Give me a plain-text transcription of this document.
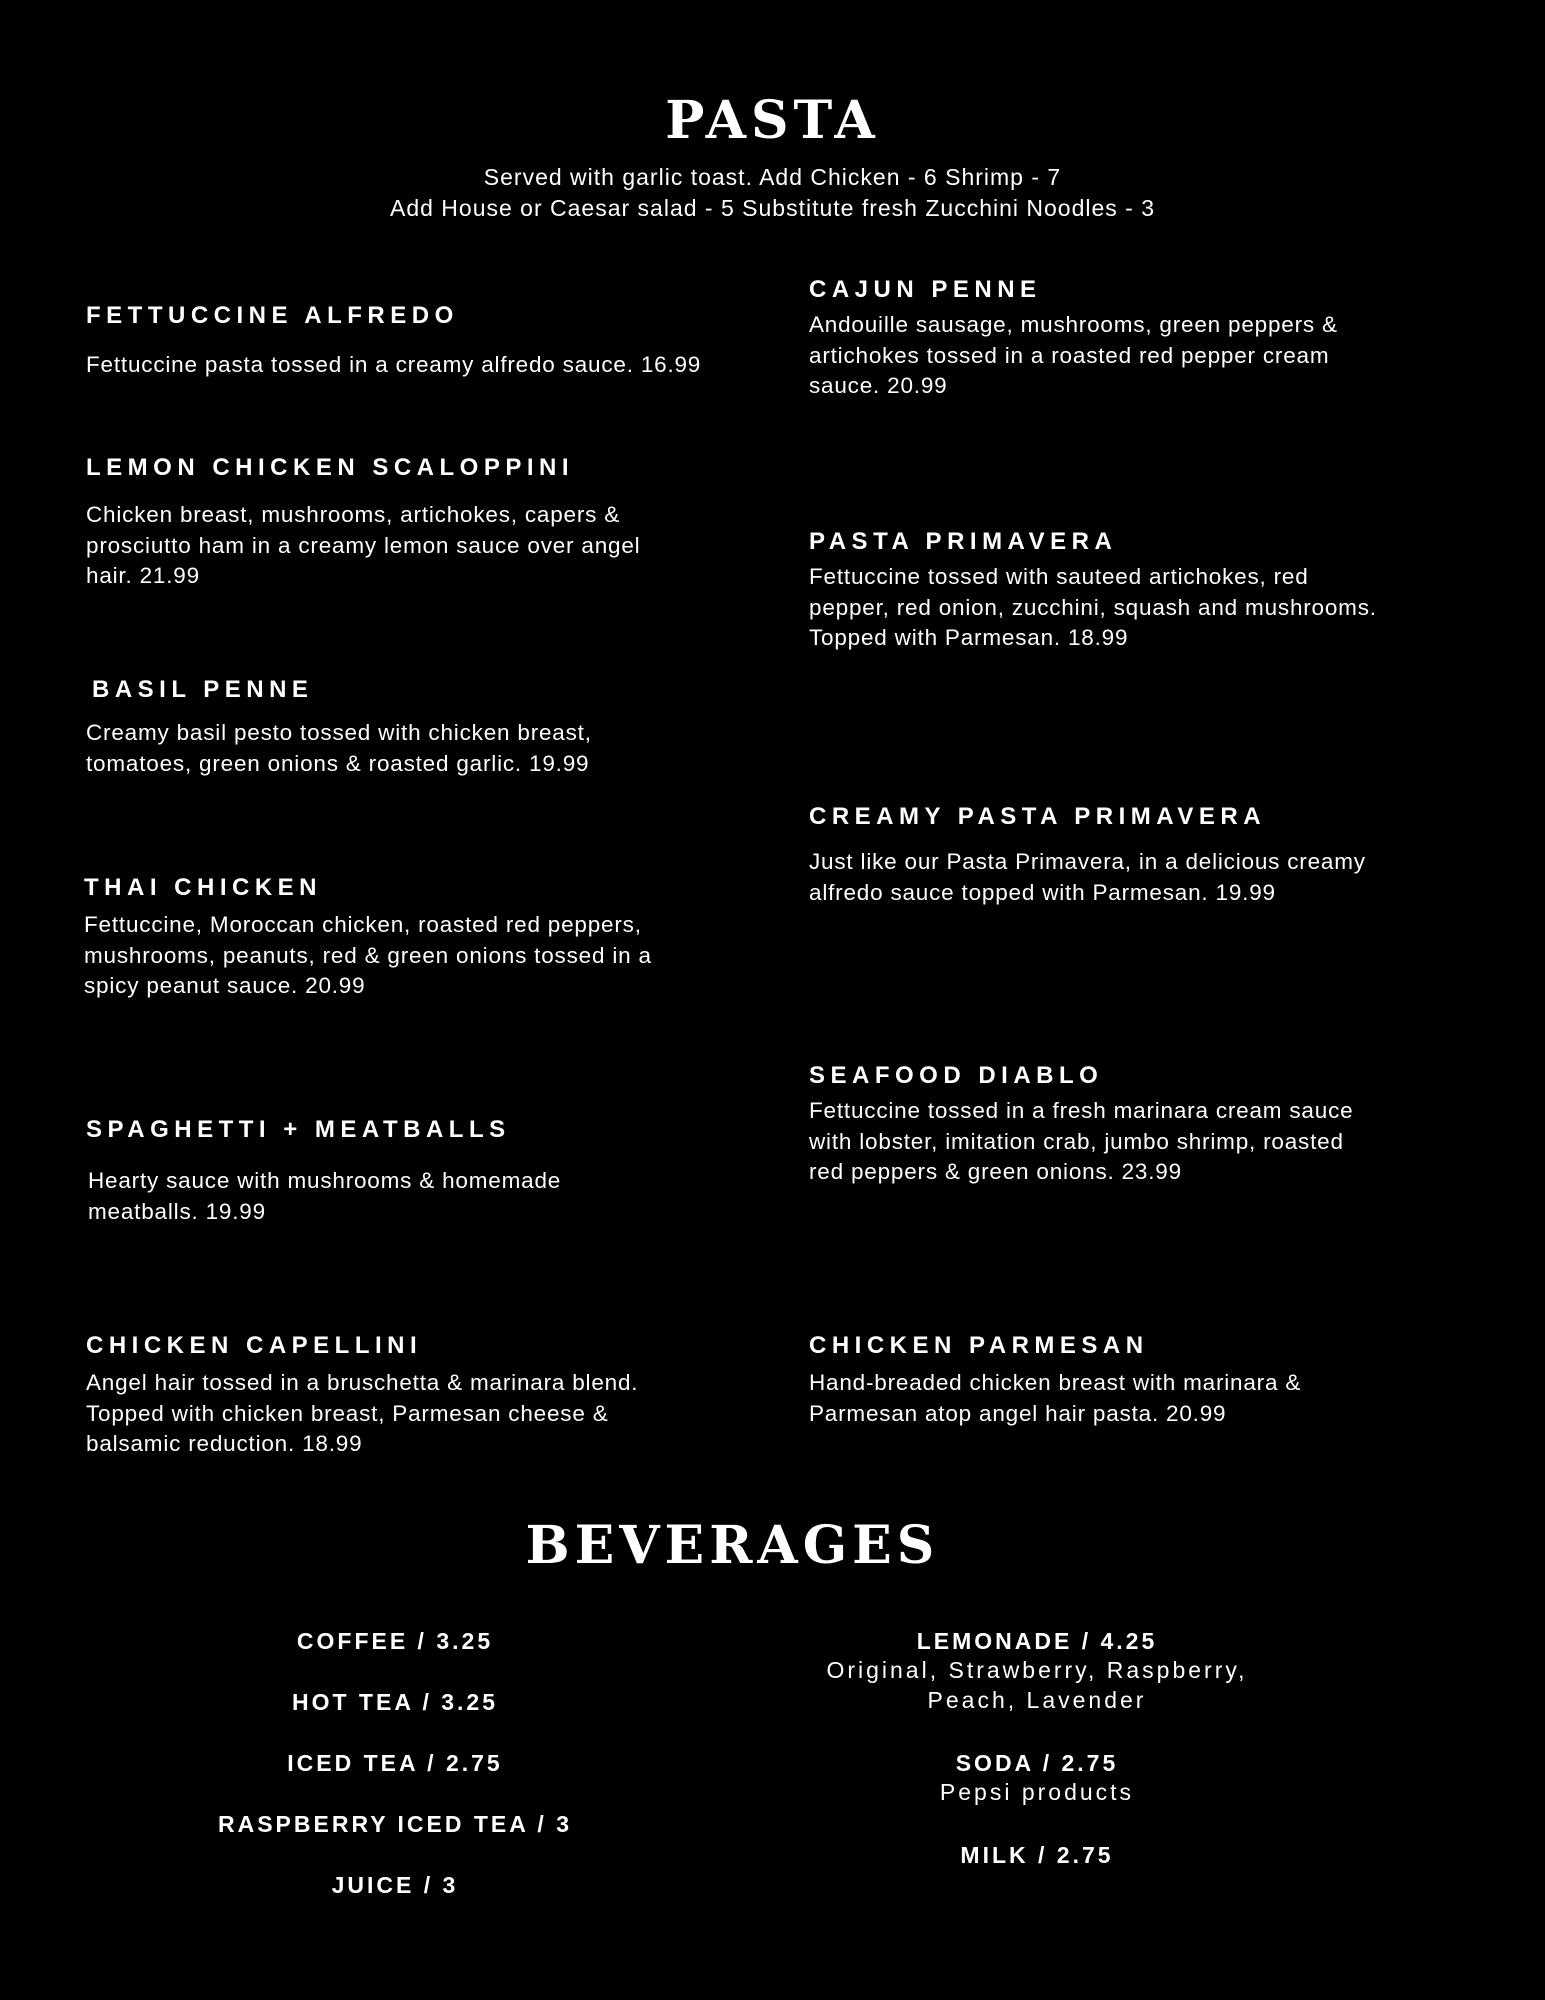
PASTA
Served with garlic toast. Add Chicken - 6 Shrimp - 7
Add House or Caesar salad - 5 Substitute fresh Zucchini Noodles - 3
FETTUCCINE ALFREDO

Fettuccine pasta tossed in a creamy alfredo sauce. 16.99

LEMON CHICKEN SCALOPPINI

Chicken breast, mushrooms, artichokes, capers &

prosciutto ham in a creamy lemon sauce over angel

hair. 21.99

BASIL PENNE

Creamy basil pesto tossed with chicken breast,

tomatoes, green onions & roasted garlic. 19.99

THAI CHICKEN

Fettuccine, Moroccan chicken, roasted red peppers,

mushrooms, peanuts, red & green onions tossed in a

spicy peanut sauce. 20.99

SPAGHETTI + MEATBALLS

Hearty sauce with mushrooms & homemade

meatballs. 19.99

CHICKEN CAPELLINI

Angel hair tossed in a bruschetta & marinara blend.

Topped with chicken breast, Parmesan cheese &

balsamic reduction. 18.99

CAJUN PENNE

Andouille sausage, mushrooms, green peppers &

artichokes tossed in a roasted red pepper cream

sauce. 20.99

PASTA PRIMAVERA

Fettuccine tossed with sauteed artichokes, red

pepper, red onion, zucchini, squash and mushrooms.

Topped with Parmesan. 18.99

CREAMY PASTA PRIMAVERA

Just like our Pasta Primavera, in a delicious creamy

alfredo sauce topped with Parmesan. 19.99

SEAFOOD DIABLO

Fettuccine tossed in a fresh marinara cream sauce

with lobster, imitation crab, jumbo shrimp, roasted

red peppers & green onions. 23.99

CHICKEN PARMESAN

Hand-breaded chicken breast with marinara &

Parmesan atop angel hair pasta. 20.99

BEVERAGES

COFFEE / 3.25

HOT TEA / 3.25

ICED TEA / 2.75

RASPBERRY ICED TEA / 3

JUICE / 3

LEMONADE / 4.25

Original, Strawberry, Raspberry,

Peach, Lavender

SODA / 2.75

Pepsi products

MILK / 2.75
